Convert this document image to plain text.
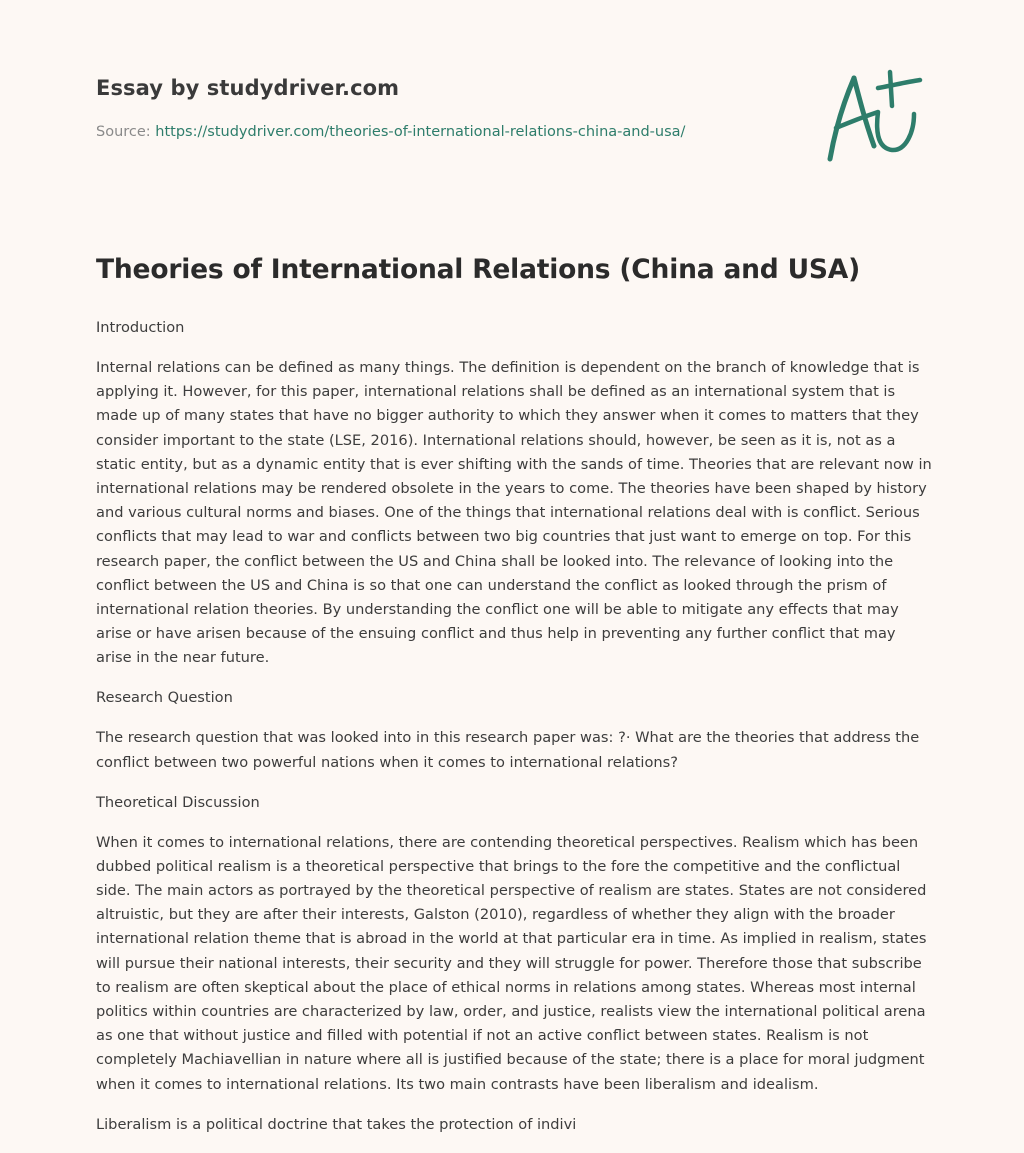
Essay by studydriver.com
Source: https://studydriver.com/theories-of-international-relations-china-and-usa/
Theories of International Relations (China and USA)

Introduction

Internal relations can be defined as many things. The definition is dependent on the branch of knowledge that is applying it. However, for this paper, international relations shall be defined as an international system that is made up of many states that have no bigger authority to which they answer when it comes to matters that they consider important to the state (LSE, 2016). International relations should, however, be seen as it is, not as a static entity, but as a dynamic entity that is ever shifting with the sands of time. Theories that are relevant now in international relations may be rendered obsolete in the years to come. The theories have been shaped by history and various cultural norms and biases. One of the things that international relations deal with is conflict. Serious conflicts that may lead to war and conflicts between two big countries that just want to emerge on top. For this research paper, the conflict between the US and China shall be looked into. The relevance of looking into the conflict between the US and China is so that one can understand the conflict as looked through the prism of international relation theories. By understanding the conflict one will be able to mitigate any effects that may arise or have arisen because of the ensuing conflict and thus help in preventing any further conflict that may arise in the near future.

Research Question

The research question that was looked into in this research paper was: ?· What are the theories that address the conflict between two powerful nations when it comes to international relations?

Theoretical Discussion

When it comes to international relations, there are contending theoretical perspectives. Realism which has been dubbed political realism is a theoretical perspective that brings to the fore the competitive and the conflictual side. The main actors as portrayed by the theoretical perspective of realism are states. States are not considered altruistic, but they are after their interests, Galston (2010), regardless of whether they align with the broader international relation theme that is abroad in the world at that particular era in time. As implied in realism, states will pursue their national interests, their security and they will struggle for power. Therefore those that subscribe to realism are often skeptical about the place of ethical norms in relations among states. Whereas most internal politics within countries are characterized by law, order, and justice, realists view the international political arena as one that without justice and filled with potential if not an active conflict between states. Realism is not completely Machiavellian in nature where all is justified because of the state; there is a place for moral judgment when it comes to international relations. Its two main contrasts have been liberalism and idealism.

Liberalism is a political doctrine that takes the protection of indivi
